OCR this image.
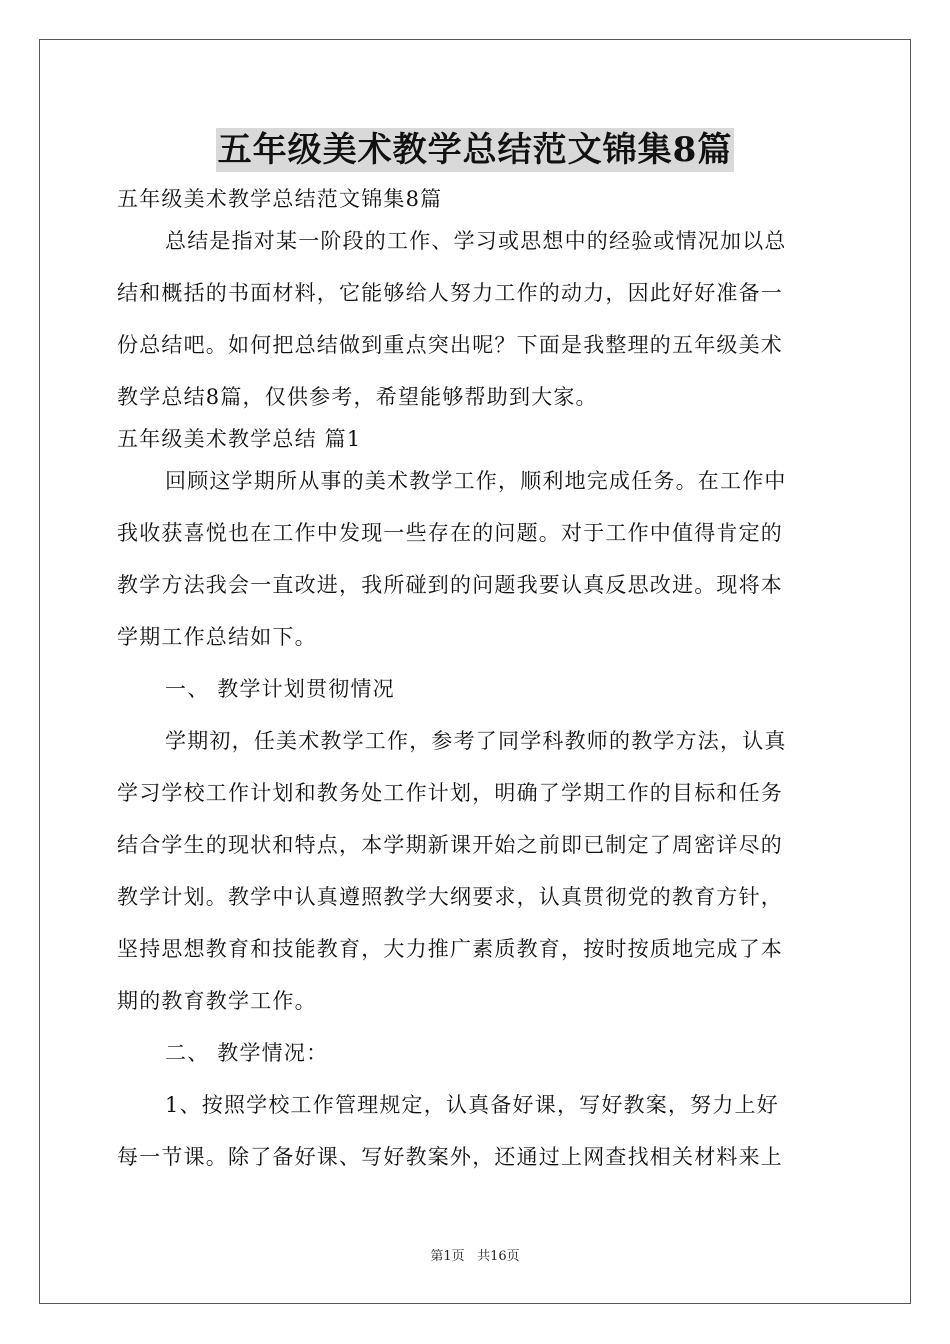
五年级美术教学总结范文锦集8篇
五年级美术教学总结范文锦集8篇
总结是指对某一阶段的工作、学习或思想中的经验或情况加以总
结和概括的书面材料，它能够给人努力工作的动力，因此好好准备一
份总结吧。如何把总结做到重点突出呢？下面是我整理的五年级美术
教学总结8篇，仅供参考，希望能够帮助到大家。
五年级美术教学总结 篇1
回顾这学期所从事的美术教学工作，顺利地完成任务。在工作中
我收获喜悦也在工作中发现一些存在的问题。对于工作中值得肯定的
教学方法我会一直改进，我所碰到的问题我要认真反思改进。现将本
学期工作总结如下。
一、 教学计划贯彻情况
学期初，任美术教学工作，参考了同学科教师的教学方法，认真
学习学校工作计划和教务处工作计划，明确了学期工作的目标和任务
结合学生的现状和特点，本学期新课开始之前即已制定了周密详尽的
教学计划。教学中认真遵照教学大纲要求，认真贯彻党的教育方针，
坚持思想教育和技能教育，大力推广素质教育，按时按质地完成了本
期的教育教学工作。
二、 教学情况：
1、按照学校工作管理规定，认真备好课，写好教案，努力上好
每一节课。除了备好课、写好教案外，还通过上网查找相关材料来上
第1页 共16页
